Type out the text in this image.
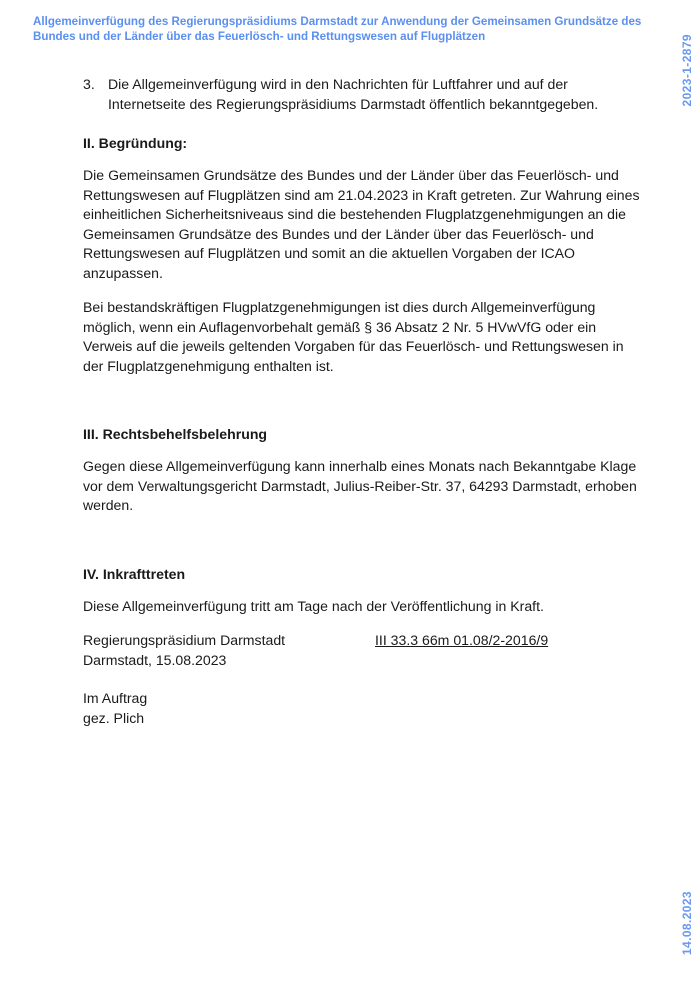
Allgemeinverfügung des Regierungspräsidiums Darmstadt zur Anwendung der Gemeinsamen Grundsätze des Bundes und der Länder über das Feuerlösch- und Rettungswesen auf Flugplätzen	2023-1-2879
14.08.2023
3. Die Allgemeinverfügung wird in den Nachrichten für Luftfahrer und auf der Internetseite des Regierungspräsidiums Darmstadt öffentlich bekanntgegeben.
II. Begründung:
Die Gemeinsamen Grundsätze des Bundes und der Länder über das Feuerlösch- und Rettungswesen auf Flugplätzen sind am 21.04.2023 in Kraft getreten. Zur Wahrung eines einheitlichen Sicherheitsniveaus sind die bestehenden Flugplatzgenehmigungen an die Gemeinsamen Grundsätze des Bundes und der Länder über das Feuerlösch- und Rettungswesen auf Flugplätzen und somit an die aktuellen Vorgaben der ICAO anzupassen.
Bei bestandskräftigen Flugplatzgenehmigungen ist dies durch Allgemeinverfügung möglich, wenn ein Auflagenvorbehalt gemäß § 36 Absatz 2 Nr. 5 HVwVfG oder ein Verweis auf die jeweils geltenden Vorgaben für das Feuerlösch- und Rettungswesen in der Flugplatzgenehmigung enthalten ist.
III. Rechtsbehelfsbelehrung
Gegen diese Allgemeinverfügung kann innerhalb eines Monats nach Bekanntgabe Klage vor dem Verwaltungsgericht Darmstadt, Julius-Reiber-Str. 37, 64293 Darmstadt, erhoben werden.
IV. Inkrafttreten
Diese Allgemeinverfügung tritt am Tage nach der Veröffentlichung in Kraft.
Regierungspräsidium Darmstadt	III 33.3 66m 01.08/2-2016/9
Darmstadt, 15.08.2023
Im Auftrag
gez. Plich
